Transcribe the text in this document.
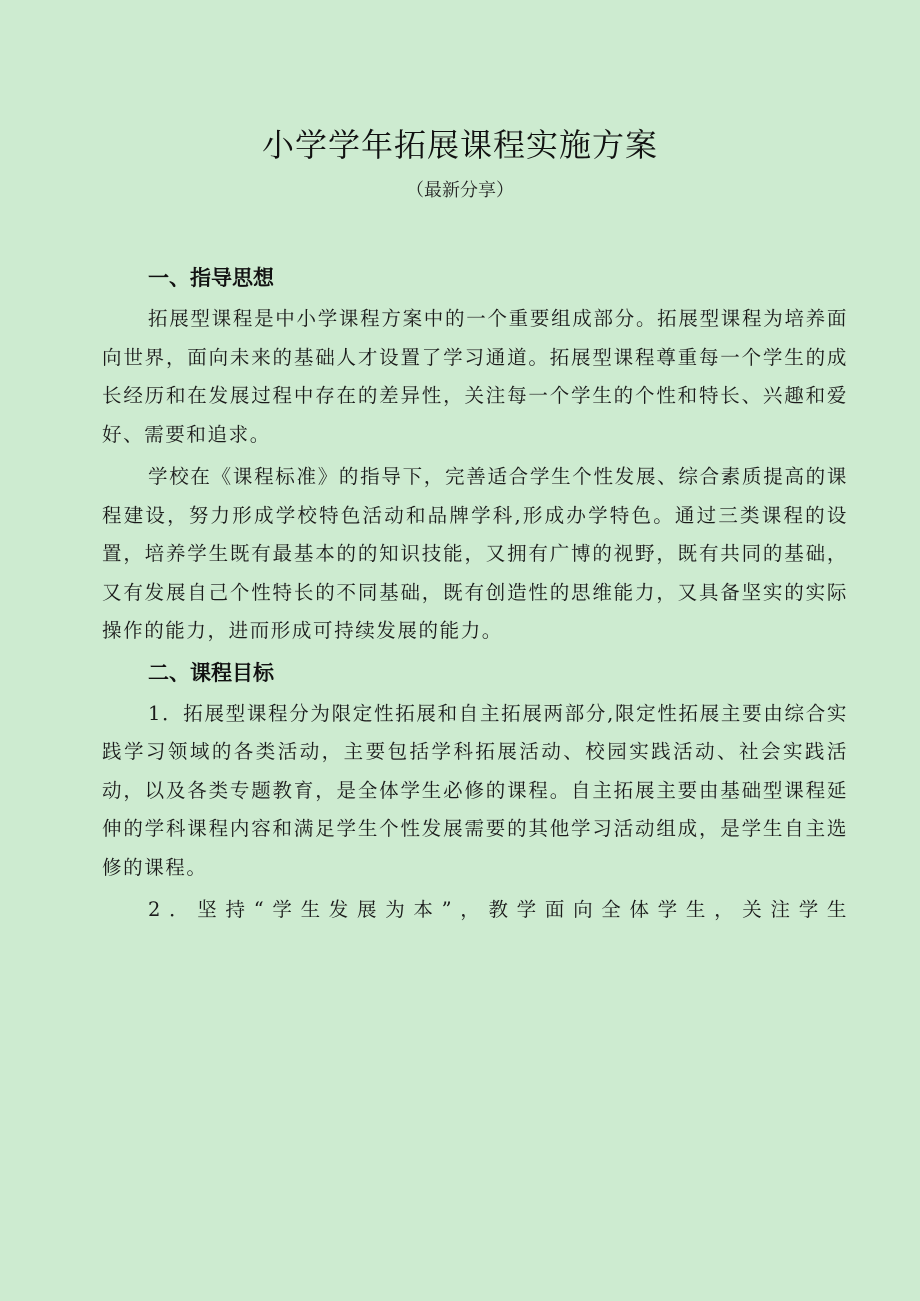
小学学年拓展课程实施方案
（最新分享）
一、指导思想

拓展型课程是中小学课程方案中的一个重要组成部分。拓展型课程为培养面向世界，面向未来的基础人才设置了学习通道。拓展型课程尊重每一个学生的成长经历和在发展过程中存在的差异性，关注每一个学生的个性和特长、兴趣和爱好、需要和追求。

学校在《课程标准》的指导下，完善适合学生个性发展、综合素质提高的课程建设，努力形成学校特色活动和品牌学科,形成办学特色。通过三类课程的设置，培养学生既有最基本的的知识技能，又拥有广博的视野，既有共同的基础，又有发展自己个性特长的不同基础，既有创造性的思维能力，又具备坚实的实际操作的能力，进而形成可持续发展的能力。

二、课程目标

1．拓展型课程分为限定性拓展和自主拓展两部分,限定性拓展主要由综合实践学习领域的各类活动，主要包括学科拓展活动、校园实践活动、社会实践活动，以及各类专题教育，是全体学生必修的课程。自主拓展主要由基础型课程延伸的学科课程内容和满足学生个性发展需要的其他学习活动组成，是学生自主选修的课程。

2．坚持“学生发展为本”，教学面向全体学生，关注学生
